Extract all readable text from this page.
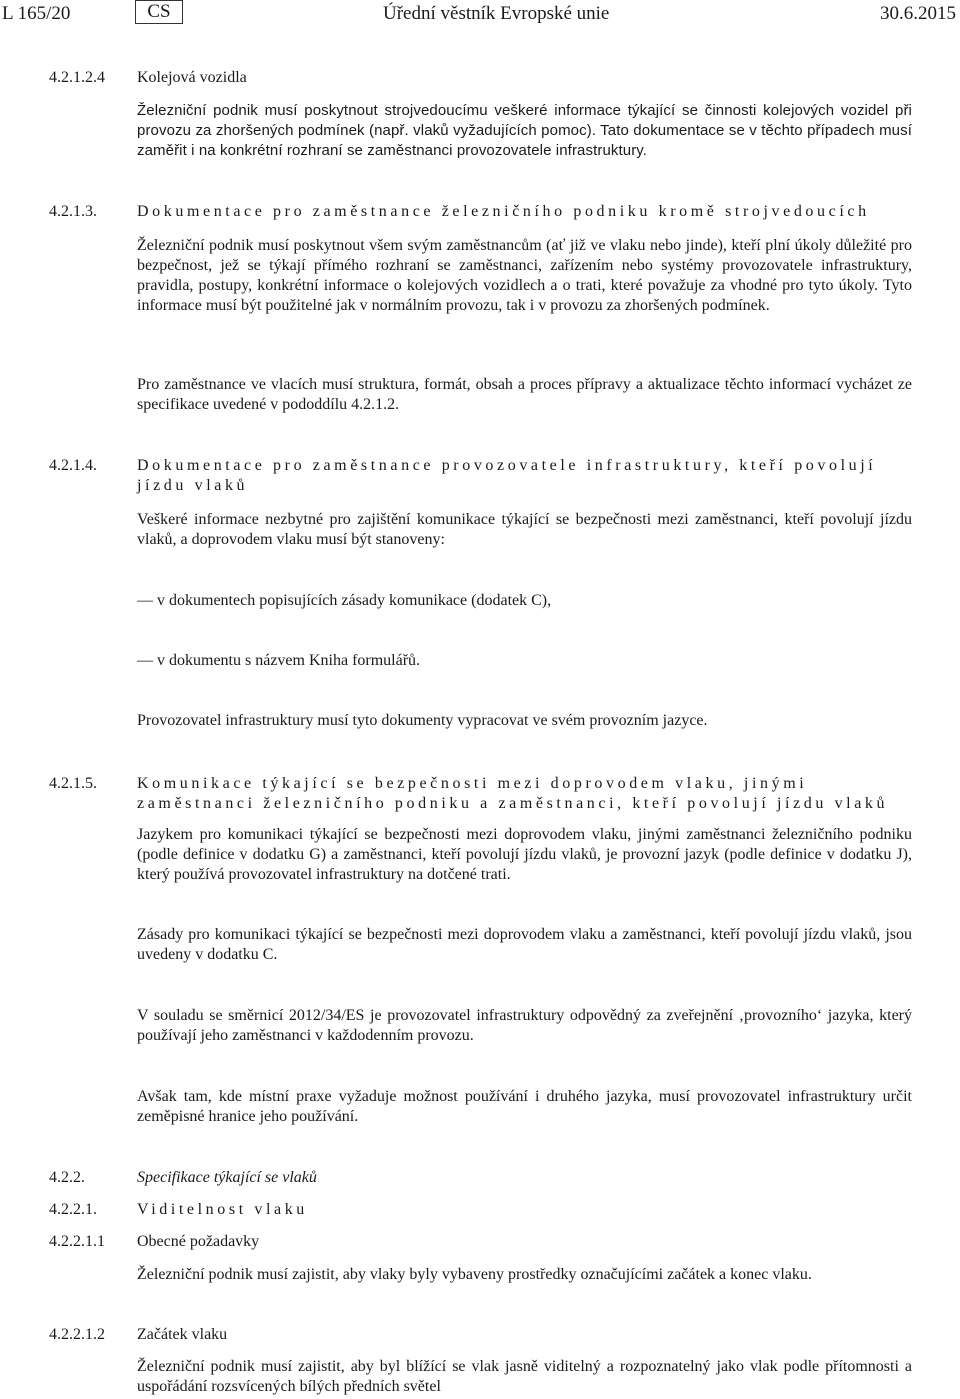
L 165/20	CS	Úřední věstník Evropské unie	30.6.2015
4.2.1.2.4 Kolejová vozidla
Železniční podnik musí poskytnout strojvedoucímu veškeré informace týkající se činnosti kolejových vozidel při provozu za zhoršených podmínek (např. vlaků vyžadujících pomoc). Tato dokumentace se v těchto případech musí zaměřit i na konkrétní rozhraní se zaměstnanci provozovatele infrastruktury.
4.2.1.3.	Dokumentace pro zaměstnance železničního podniku kromě strojvedoucích
Železniční podnik musí poskytnout všem svým zaměstnancům (ať již ve vlaku nebo jinde), kteří plní úkoly důležité pro bezpečnost, jež se týkají přímého rozhraní se zaměstnanci, zařízením nebo systémy provozovatele infrastruktury, pravidla, postupy, konkrétní informace o kolejových vozidlech a o trati, které považuje za vhodné pro tyto úkoly. Tyto informace musí být použitelné jak v normálním provozu, tak i v provozu za zhoršených podmínek.
Pro zaměstnance ve vlacích musí struktura, formát, obsah a proces přípravy a aktualizace těchto informací vycházet ze specifikace uvedené v pododdílu 4.2.1.2.
4.2.1.4.	Dokumentace pro zaměstnance provozovatele infrastruktury, kteří povolují jízdu vlaků
Veškeré informace nezbytné pro zajištění komunikace týkající se bezpečnosti mezi zaměstnanci, kteří povolují jízdu vlaků, a doprovodem vlaku musí být stanoveny:
— v dokumentech popisujících zásady komunikace (dodatek C),
— v dokumentu s názvem Kniha formulářů.
Provozovatel infrastruktury musí tyto dokumenty vypracovat ve svém provozním jazyce.
4.2.1.5.	Komunikace týkající se bezpečnosti mezi doprovodem vlaku, jinými zaměstnanci železničního podniku a zaměstnanci, kteří povolují jízdu vlaků
Jazykem pro komunikaci týkající se bezpečnosti mezi doprovodem vlaku, jinými zaměstnanci železničního podniku (podle definice v dodatku G) a zaměstnanci, kteří povolují jízdu vlaků, je provozní jazyk (podle definice v dodatku J), který používá provozovatel infrastruktury na dotčené trati.
Zásady pro komunikaci týkající se bezpečnosti mezi doprovodem vlaku a zaměstnanci, kteří povolují jízdu vlaků, jsou uvedeny v dodatku C.
V souladu se směrnicí 2012/34/ES je provozovatel infrastruktury odpovědný za zveřejnění ‚provozního‘ jazyka, který používají jeho zaměstnanci v každodenním provozu.
Avšak tam, kde místní praxe vyžaduje možnost používání i druhého jazyka, musí provozovatel infrastruktury určit zeměpisné hranice jeho používání.
4.2.2.	Specifikace týkající se vlaků
4.2.2.1.	Viditelnost vlaku
4.2.2.1.1 Obecné požadavky
Železniční podnik musí zajistit, aby vlaky byly vybaveny prostředky označujícími začátek a konec vlaku.
4.2.2.1.2 Začátek vlaku
Železniční podnik musí zajistit, aby byl blížící se vlak jasně viditelný a rozpoznatelný jako vlak podle přítomnosti a uspořádání rozsvícených bílých předních světel
